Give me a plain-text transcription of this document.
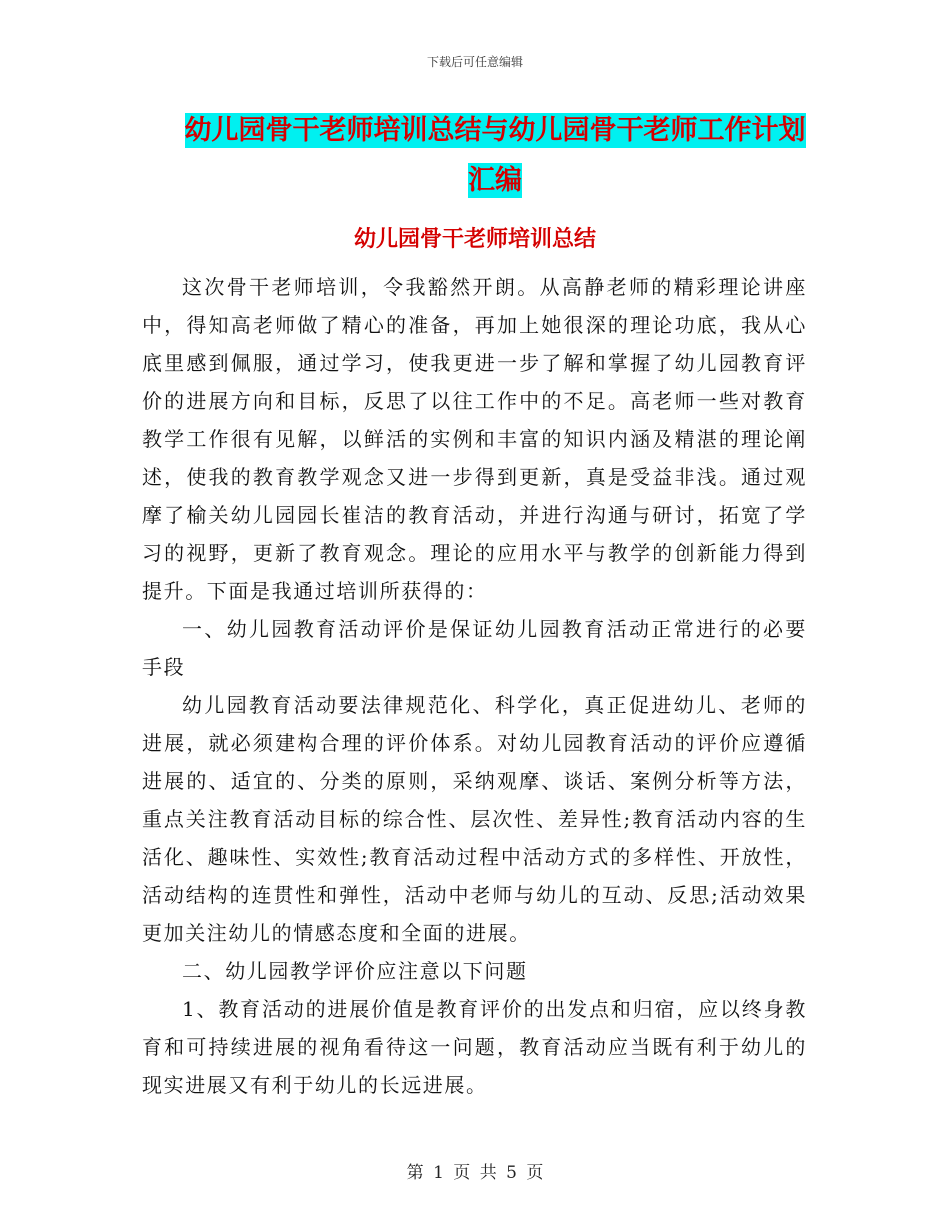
下载后可任意编辑
幼儿园骨干老师培训总结与幼儿园骨干老师工作计划
汇编
幼儿园骨干老师培训总结

这次骨干老师培训，令我豁然开朗。从高静老师的精彩理论讲座中，得知高老师做了精心的准备，再加上她很深的理论功底，我从心底里感到佩服，通过学习，使我更进一步了解和掌握了幼儿园教育评价的进展方向和目标，反思了以往工作中的不足。高老师一些对教育教学工作很有见解，以鲜活的实例和丰富的知识内涵及精湛的理论阐述，使我的教育教学观念又进一步得到更新，真是受益非浅。通过观摩了榆关幼儿园园长崔洁的教育活动，并进行沟通与研讨，拓宽了学习的视野，更新了教育观念。理论的应用水平与教学的创新能力得到提升。下面是我通过培训所获得的：

一、幼儿园教育活动评价是保证幼儿园教育活动正常进行的必要手段

幼儿园教育活动要法律规范化、科学化，真正促进幼儿、老师的进展，就必须建构合理的评价体系。对幼儿园教育活动的评价应遵循进展的、适宜的、分类的原则，采纳观摩、谈话、案例分析等方法，重点关注教育活动目标的综合性、层次性、差异性;教育活动内容的生活化、趣味性、实效性;教育活动过程中活动方式的多样性、开放性，活动结构的连贯性和弹性，活动中老师与幼儿的互动、反思;活动效果更加关注幼儿的情感态度和全面的进展。

二、幼儿园教学评价应注意以下问题

1、教育活动的进展价值是教育评价的出发点和归宿，应以终身教育和可持续进展的视角看待这一问题，教育活动应当既有利于幼儿的现实进展又有利于幼儿的长远进展。

第 1 页 共 5 页
